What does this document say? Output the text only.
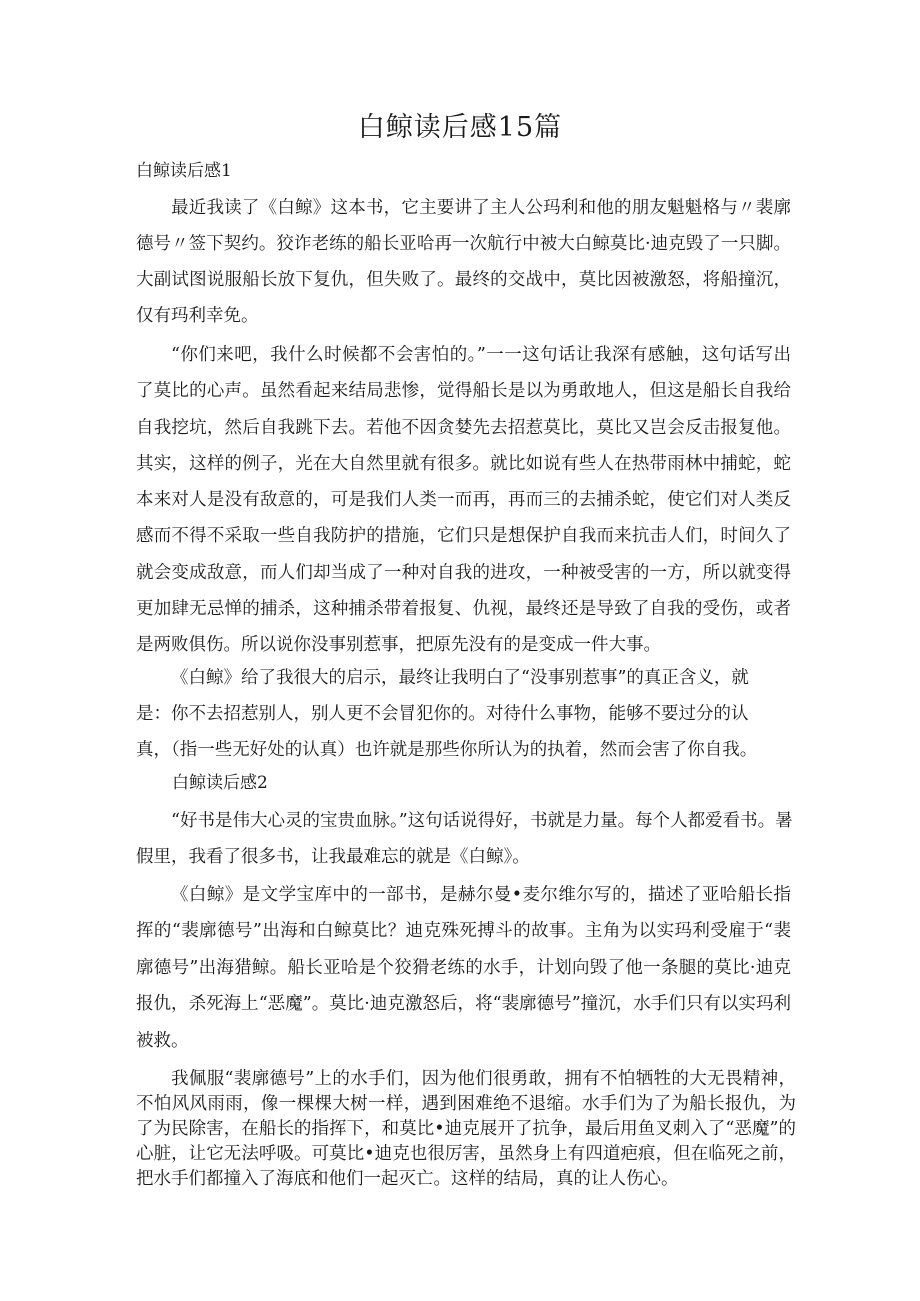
白鲸读后感15篇
白鲸读后感1
最近我读了《白鲸》这本书，它主要讲了主人公玛利和他的朋友魁魁格与〃裴廓德号〃签下契约。狡诈老练的船长亚哈再一次航行中被大白鲸莫比·迪克毁了一只脚。大副试图说服船长放下复仇，但失败了。最终的交战中，莫比因被激怒，将船撞沉，仅有玛利幸免。
“你们来吧，我什么时候都不会害怕的。”一一这句话让我深有感触，这句话写出了莫比的心声。虽然看起来结局悲惨，觉得船长是以为勇敢地人，但这是船长自我给自我挖坑，然后自我跳下去。若他不因贪婪先去招惹莫比，莫比又岂会反击报复他。其实，这样的例子，光在大自然里就有很多。就比如说有些人在热带雨林中捕蛇，蛇本来对人是没有敌意的，可是我们人类一而再，再而三的去捕杀蛇，使它们对人类反感而不得不采取一些自我防护的措施，它们只是想保护自我而来抗击人们，时间久了就会变成敌意，而人们却当成了一种对自我的进攻，一种被受害的一方，所以就变得更加肆无忌惮的捕杀，这种捕杀带着报复、仇视，最终还是导致了自我的受伤，或者是两败俱伤。所以说你没事别惹事，把原先没有的是变成一件大事。
《白鲸》给了我很大的启示，最终让我明白了“没事别惹事”的真正含义，就是：你不去招惹别人，别人更不会冒犯你的。对待什么事物，能够不要过分的认真，（指一些无好处的认真）也许就是那些你所认为的执着，然而会害了你自我。
白鲸读后感2
“好书是伟大心灵的宝贵血脉。”这句话说得好，书就是力量。每个人都爱看书。暑假里，我看了很多书，让我最难忘的就是《白鲸》。
《白鲸》是文学宝库中的一部书，是赫尔曼•麦尔维尔写的，描述了亚哈船长指挥的“裴廓德号”出海和白鲸莫比？迪克殊死搏斗的故事。主角为以实玛利受雇于“裴廓德号”出海猎鲸。船长亚哈是个狡猾老练的水手，计划向毁了他一条腿的莫比·迪克报仇，杀死海上“恶魔”。莫比·迪克激怒后，将“裴廓德号”撞沉，水手们只有以实玛利被救。
我佩服“裴廓德号”上的水手们，因为他们很勇敢，拥有不怕牺牲的大无畏精神，不怕风风雨雨，像一棵棵大树一样，遇到困难绝不退缩。水手们为了为船长报仇，为了为民除害，在船长的指挥下，和莫比•迪克展开了抗争，最后用鱼叉刺入了“恶魔”的心脏，让它无法呼吸。可莫比•迪克也很厉害，虽然身上有四道疤痕，但在临死之前，把水手们都撞入了海底和他们一起灭亡。这样的结局，真的让人伤心。
